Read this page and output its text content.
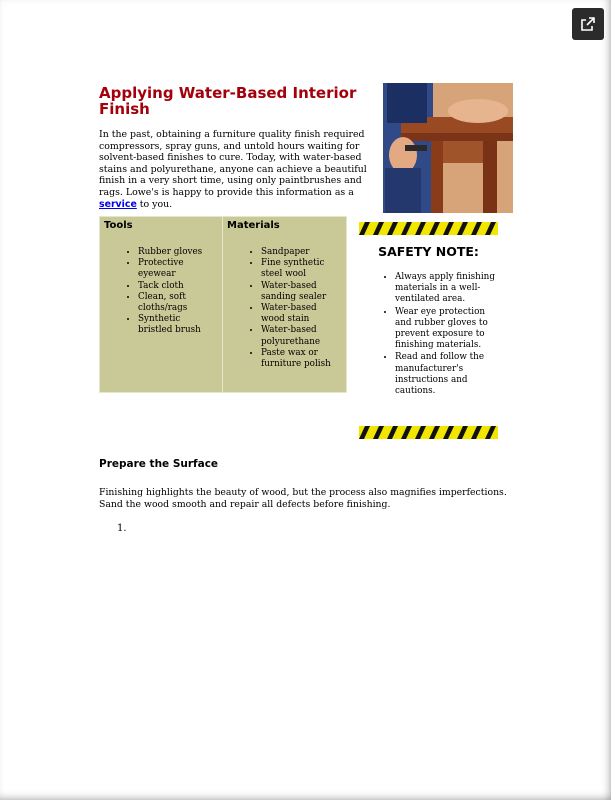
Applying Water-Based Interior Finish

In the past, obtaining a furniture quality finish required compressors, spray guns, and untold hours waiting for solvent-based finishes to cure. Today, with water-based stains and polyurethane, anyone can achieve a beautiful finish in a very short time, using only paintbrushes and rags. Lowe's is happy to provide this information as a service to you.

Tools
• Rubber gloves
• Protective eyewear
• Tack cloth
• Clean, soft cloths/rags
• Synthetic bristled brush
Materials
• Sandpaper
• Fine synthetic steel wool
• Water-based sanding sealer
• Water-based wood stain
• Water-based polyurethane
• Paste wax or furniture polish
SAFETY NOTE:
• Always apply finishing materials in a well-ventilated area.
• Wear eye protection and rubber gloves to prevent exposure to finishing materials.
• Read and follow the manufacturer's instructions and cautions.
Prepare the Surface

Finishing highlights the beauty of wood, but the process also magnifies imperfections. Sand the wood smooth and repair all defects before finishing.

1.
